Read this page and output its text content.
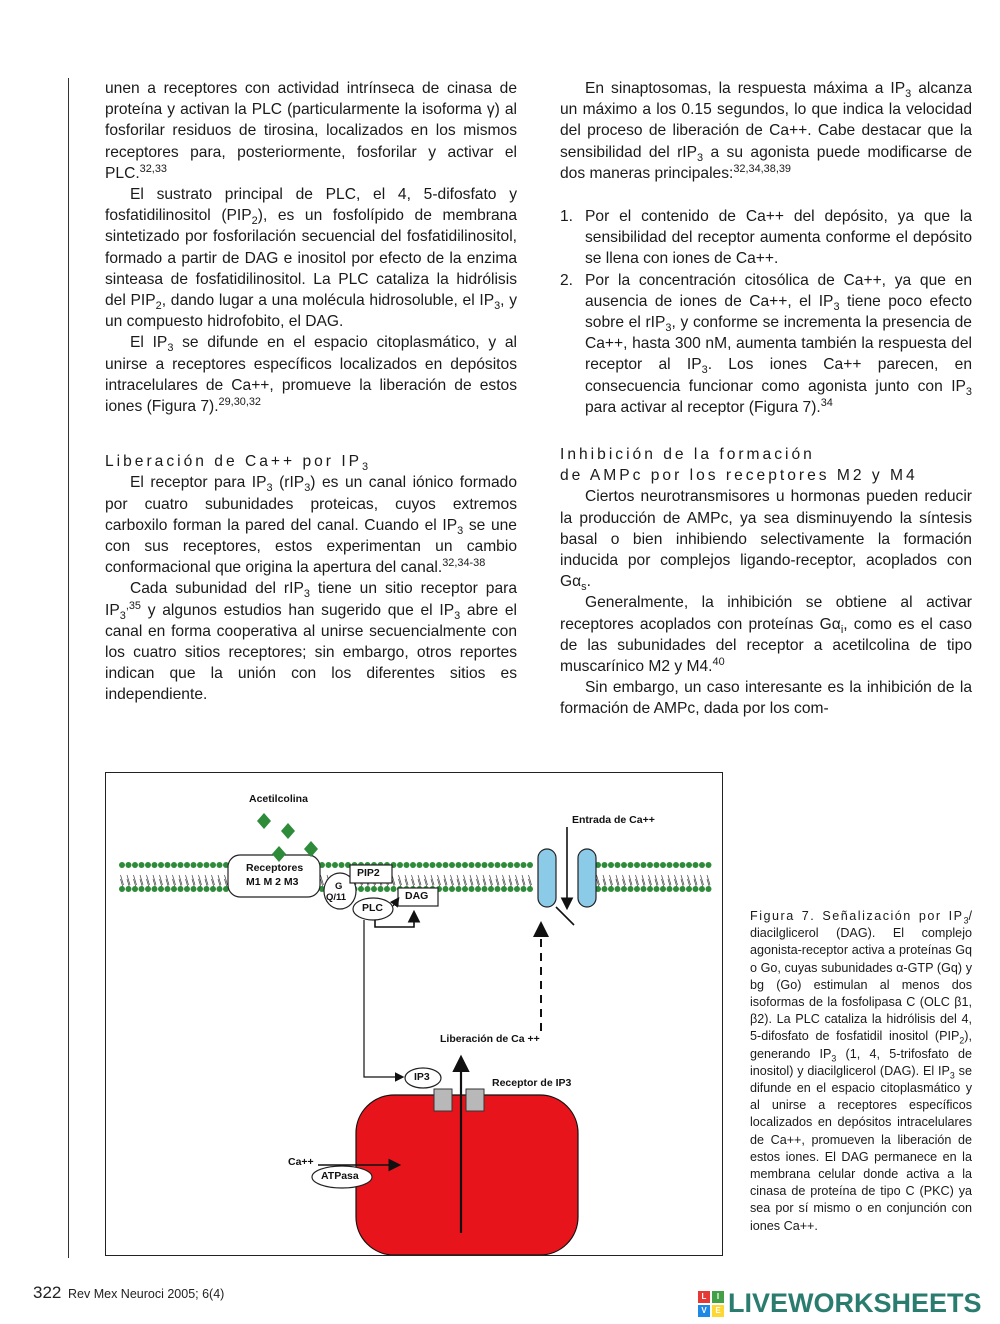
unen a receptores con actividad intrínseca de cinasa de proteína y activan la PLC (particularmente la isoforma γ) al fosforilar residuos de tirosina, localizados en los mismos receptores para, posteriormente, fosforilar y activar el PLC.$^{32,33}$

El sustrato principal de PLC, el 4, 5-difosfato y fosfatidilinositol $(PIP_2)$, es un fosfolípido de membrana sintetizado por fosforilación secuencial del fosfatidilinositol, formado a partir de DAG e inositol por efecto de la enzima sinteasa de fosfatidilinositol. La PLC cataliza la hidrólisis del $PIP_2$, dando lugar a una molécula hidrosoluble, el $IP_3$, y un compuesto hidrofobito, el DAG.

El $IP_3$ se difunde en el espacio citoplasmático, y al unirse a receptores específicos localizados en depósitos intracelulares de Ca++, promueve la liberación de estos iones (Figura 7).$^{29,30,32}$

Liberación de Ca++ por $IP_3$

El receptor para $IP_3$ (rIP$_3$) es un canal iónico formado por cuatro subunidades proteicas, cuyos extremos carboxilo forman la pared del canal. Cuando el $IP_3$ se une con sus receptores, estos experimentan un cambio conformacional que origina la apertura del canal.$^{32,34-38}$

Cada subunidad del rIP$_3$ tiene un sitio receptor para $IP_3^{,35}$ y algunos estudios han sugerido que el $IP_3$ abre el canal en forma cooperativa al unirse secuencialmente con los cuatro sitios receptores; sin embargo, otros reportes indican que la unión con los diferentes sitios es independiente.

En sinaptosomas, la respuesta máxima a $IP_3$ alcanza un máximo a los 0.15 segundos, lo que indica la velocidad del proceso de liberación de Ca++. Cabe destacar que la sensibilidad del rIP$_3$ a su agonista puede modificarse de dos maneras principales:$^{32,34,38,39}$

1. Por el contenido de Ca++ del depósito, ya que la sensibilidad del receptor aumenta conforme el depósito se llena con iones de Ca++.
2. Por la concentración citosólica de Ca++, ya que en ausencia de iones de Ca++, el $IP_3$ tiene poco efecto sobre el rIP$_3$, y conforme se incrementa la presencia de Ca++, hasta 300 nM, aumenta también la respuesta del receptor al $IP_3$. Los iones Ca++ parecen, en consecuencia funcionar como agonista junto con $IP_3$ para activar al receptor (Figura 7).$^{34}$
Inhibición de la formación
de AMPc por los receptores M2 y M4

Ciertos neurotransmisores u hormonas pueden reducir la producción de AMPc, ya sea disminuyendo la síntesis basal o bien inhibiendo selectivamente la formación inducida por complejos ligando-receptor, acoplados con $G\alpha_s$.

Generalmente, la inhibición se obtiene al activar receptores acoplados con proteínas $G\alpha_i$, como es el caso de las subunidades del receptor a acetilcolina de tipo muscarínico M2 y M4.40

Sin embargo, un caso interesante es la inhibición de la formación de AMPc, dada por los com-

Acetilcolina
Entrada de Ca++
Receptores
M1 M 2 M3	G
Q/11
PIP2
PLC
DAG
Liberación de Ca ++
IP3	Receptor de IP3
Ca++
ATPasa
Figura 7. Señalización por $IP_3/$ diacilglicerol (DAG). El complejo agonista-receptor activa a proteínas Gq o Go, cuyas subunidades α-GTP (Gq) y bg (Go) estimulan al menos dos isoformas de la fosfolipasa C (OLC β1, β2). La PLC cataliza la hidrólisis del 4, 5-difosfato de fosfatidil inositol $(PIP_2)$, generando $IP_3$ (1, 4, 5-trifosfato de inositol) y diacilglicerol (DAG). El $IP_3$ se difunde en el espacio citoplasmático y al unirse a receptores específicos localizados en depósitos intracelulares de Ca++, promueven la liberación de estos iones. El DAG permanece en la membrana celular donde activa a la cinasa de proteína de tipo C (PKC) ya sea por sí mismo o en conjunción con iones Ca++.
322 Rev Mex Neuroci 2005; 6(4)	L	I
V	E LIVEWORKSHEETS
